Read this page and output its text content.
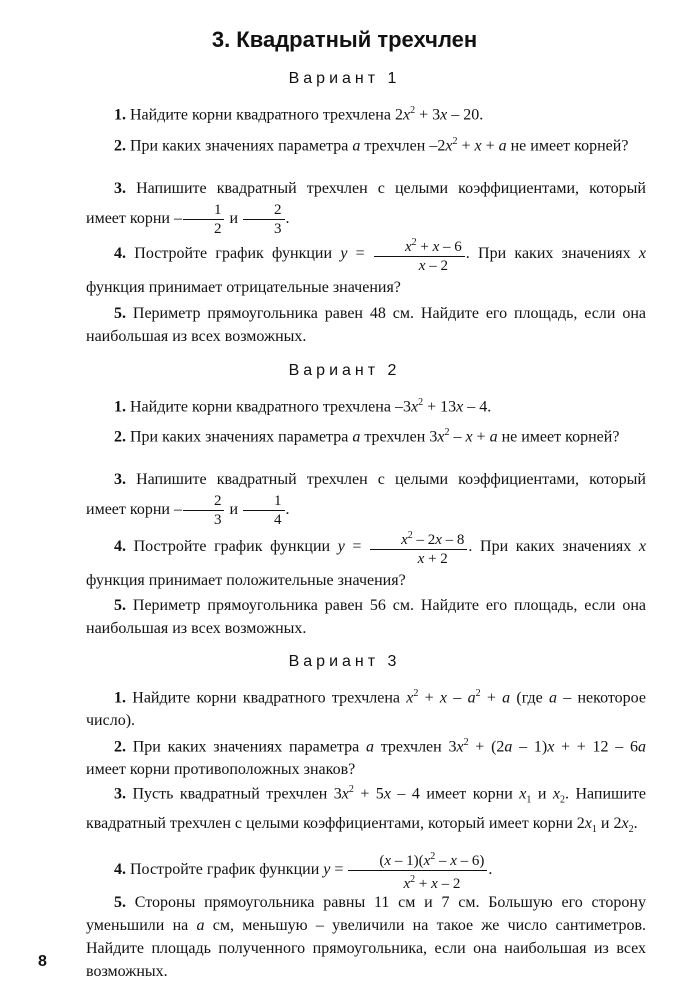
3. Квадратный трехчлен
Вариант 1

1. Найдите корни квадратного трехчлена $2x^2 + 3x - 20$.

2. При каких значениях параметра a трехчлен $-2x^2 + x + a$ не имеет корней?

3. Напишите квадратный трехчлен с целыми коэффициентами, который имеет корни – $\frac{1}{2}$ и $\frac{2}{3}$ .

4. Постройте график функции $y = \frac{x^2 + x - 6}{x - 2}$ . При каких значениях x функция принимает отрицательные значения?

5. Периметр прямоугольника равен 48 см. Найдите его площадь, если она наибольшая из всех возможных.

Вариант 2

1. Найдите корни квадратного трехчлена $-3x^2 + 13x - 4$.

2. При каких значениях параметра a трехчлен $3x^2 - x + a$ не имеет корней?

3. Напишите квадратный трехчлен с целыми коэффициентами, который имеет корни – $\frac{2}{3}$ и $\frac{1}{4}$ .

4. Постройте график функции $y = \frac{x^2 - 2x - 8}{x + 2}$ . При каких значениях x функция принимает положительные значения?

5. Периметр прямоугольника равен 56 см. Найдите его площадь, если она наибольшая из всех возможных.

Вариант 3

1. Найдите корни квадратного трехчлена $x^2 + x - a^2 + a$ (где a – некоторое число).

2. При каких значениях параметра a трехчлен $3x^2 + (2a - 1)x$ + + 12 – 6a имеет корни противоположных знаков?

3. Пусть квадратный трехчлен $3x^2 + 5x - 4$ имеет корни $x_1$ и $x_2$. Напишите квадратный трехчлен с целыми коэффициентами, который имеет корни $2x_1$ и $2x_2$.

4. Постройте график функции $y = \frac{(x - 1)(x^2 - x - 6)}{x^2 + x - 2}$ .

5. Стороны прямоугольника равны 11 см и 7 см. Большую его сторону уменьшили на a см, меньшую – увеличили на такое же число сантиметров. Найдите площадь полученного прямоугольника, если она наибольшая из всех возможных.

8
